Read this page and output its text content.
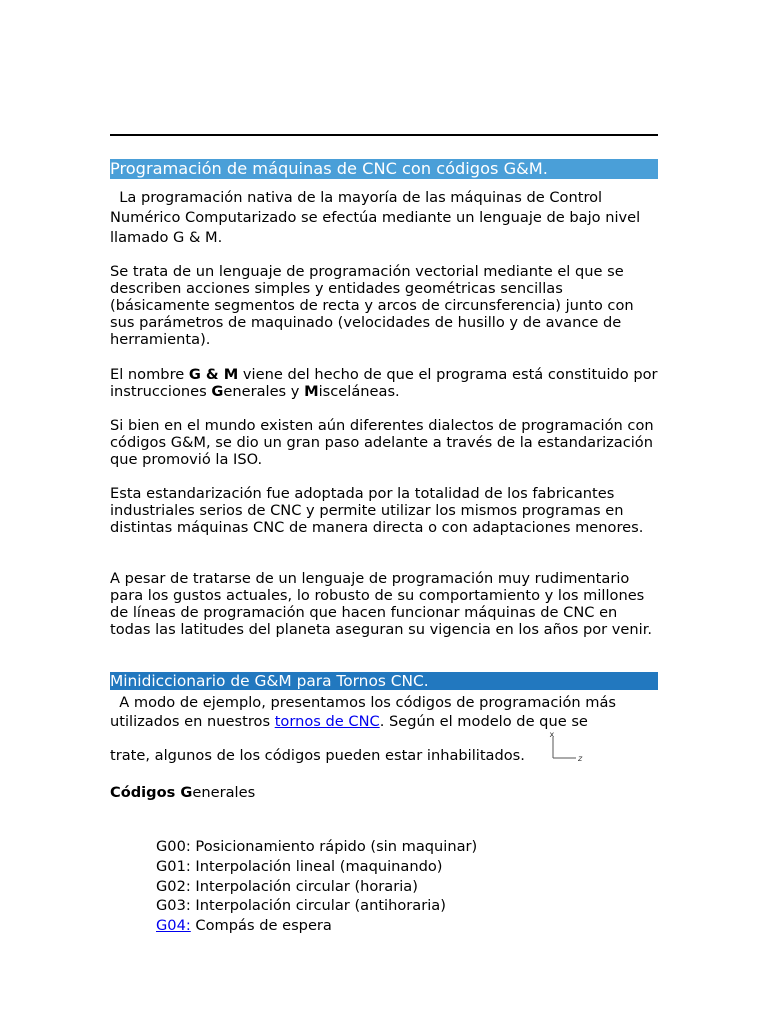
Programación de máquinas de CNC con códigos G&M.

La programación nativa de la mayoría de las máquinas de Control Numérico Computarizado se efectúa mediante un lenguaje de bajo nivel llamado G & M.

Se trata de un lenguaje de programación vectorial mediante el que se describen acciones simples y entidades geométricas sencillas (básicamente segmentos de recta y arcos de circunsferencia) junto con sus parámetros de maquinado (velocidades de husillo y de avance de herramienta).

El nombre G & M viene del hecho de que el programa está constituido por instrucciones Generales y Misceláneas.

Si bien en el mundo existen aún diferentes dialectos de programación con códigos G&M, se dio un gran paso adelante a través de la estandarización que promovió la ISO.

Esta estandarización fue adoptada por la totalidad de los fabricantes industriales serios de CNC y permite utilizar los mismos programas en distintas máquinas CNC de manera directa o con adaptaciones menores.

A pesar de tratarse de un lenguaje de programación muy rudimentario para los gustos actuales, lo robusto de su comportamiento y los millones de líneas de programación que hacen funcionar máquinas de CNC en todas las latitudes del planeta aseguran su vigencia en los años por venir.

Minidiccionario de G&M para Tornos CNC.

A modo de ejemplo, presentamos los códigos de programación más utilizados en nuestros tornos de CNC. Según el modelo de que se

trate, algunos de los códigos pueden estar inhabilitados.

x
z

Códigos Generales

G00: Posicionamiento rápido (sin maquinar)
G01: Interpolación lineal (maquinando)
G02: Interpolación circular (horaria)
G03: Interpolación circular (antihoraria)
G04: Compás de espera
